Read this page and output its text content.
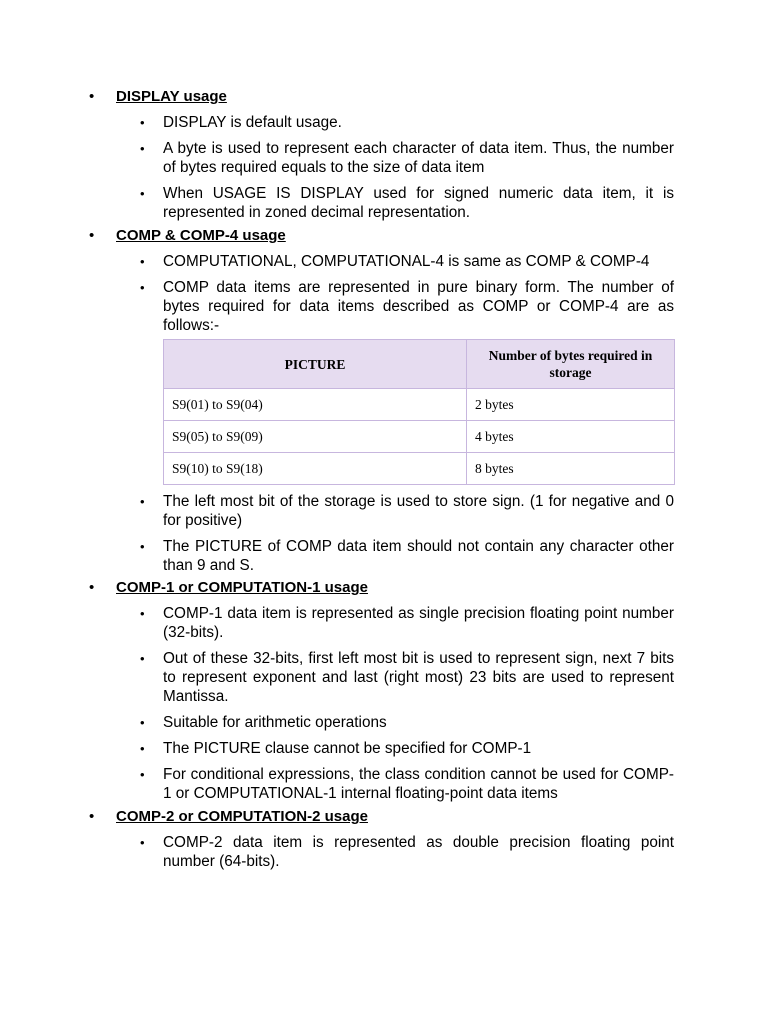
• DISPLAY usage
• DISPLAY is default usage.
• A byte is used to represent each character of data item. Thus, the number of bytes required equals to the size of data item
• When USAGE IS DISPLAY used for signed numeric data item, it is represented in zoned decimal representation.
• COMP & COMP-4 usage
• COMPUTATIONAL, COMPUTATIONAL-4 is same as COMP & COMP-4
• COMP data items are represented in pure binary form. The number of bytes required for data items described as COMP or COMP-4 are as follows:-
PICTURE	Number of bytes required in storage
S9(01) to S9(04)	2 bytes
S9(05) to S9(09)	4 bytes
S9(10) to S9(18)	8 bytes
• The left most bit of the storage is used to store sign. (1 for negative and 0 for positive)
• The PICTURE of COMP data item should not contain any character other than 9 and S.
• COMP-1 or COMPUTATION-1 usage
• COMP-1 data item is represented as single precision floating point number (32-bits).
• Out of these 32-bits, first left most bit is used to represent sign, next 7 bits to represent exponent and last (right most) 23 bits are used to represent Mantissa.
• Suitable for arithmetic operations
• The PICTURE clause cannot be specified for COMP-1
• For conditional expressions, the class condition cannot be used for COMP-1 or COMPUTATIONAL-1 internal floating-point data items
• COMP-2 or COMPUTATION-2 usage
• COMP-2 data item is represented as double precision floating point number (64-bits).
